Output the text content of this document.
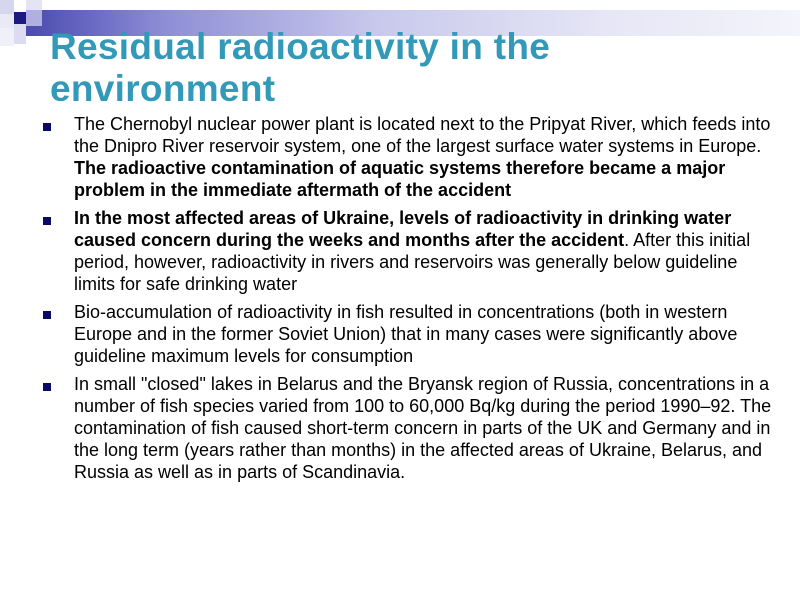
Residual radioactivity in the environment
The Chernobyl nuclear power plant is located next to the Pripyat River, which feeds into the Dnipro River reservoir system, one of the largest surface water systems in Europe. The radioactive contamination of aquatic systems therefore became a major problem in the immediate aftermath of the accident
In the most affected areas of Ukraine, levels of radioactivity in drinking water caused concern during the weeks and months after the accident. After this initial period, however, radioactivity in rivers and reservoirs was generally below guideline limits for safe drinking water
Bio-accumulation of radioactivity in fish resulted in concentrations (both in western Europe and in the former Soviet Union) that in many cases were significantly above guideline maximum levels for consumption
In small "closed" lakes in Belarus and the Bryansk region of Russia, concentrations in a number of fish species varied from 100 to 60,000 Bq/kg during the period 1990–92. The contamination of fish caused short-term concern in parts of the UK and Germany and in the long term (years rather than months) in the affected areas of Ukraine, Belarus, and Russia as well as in parts of Scandinavia.
